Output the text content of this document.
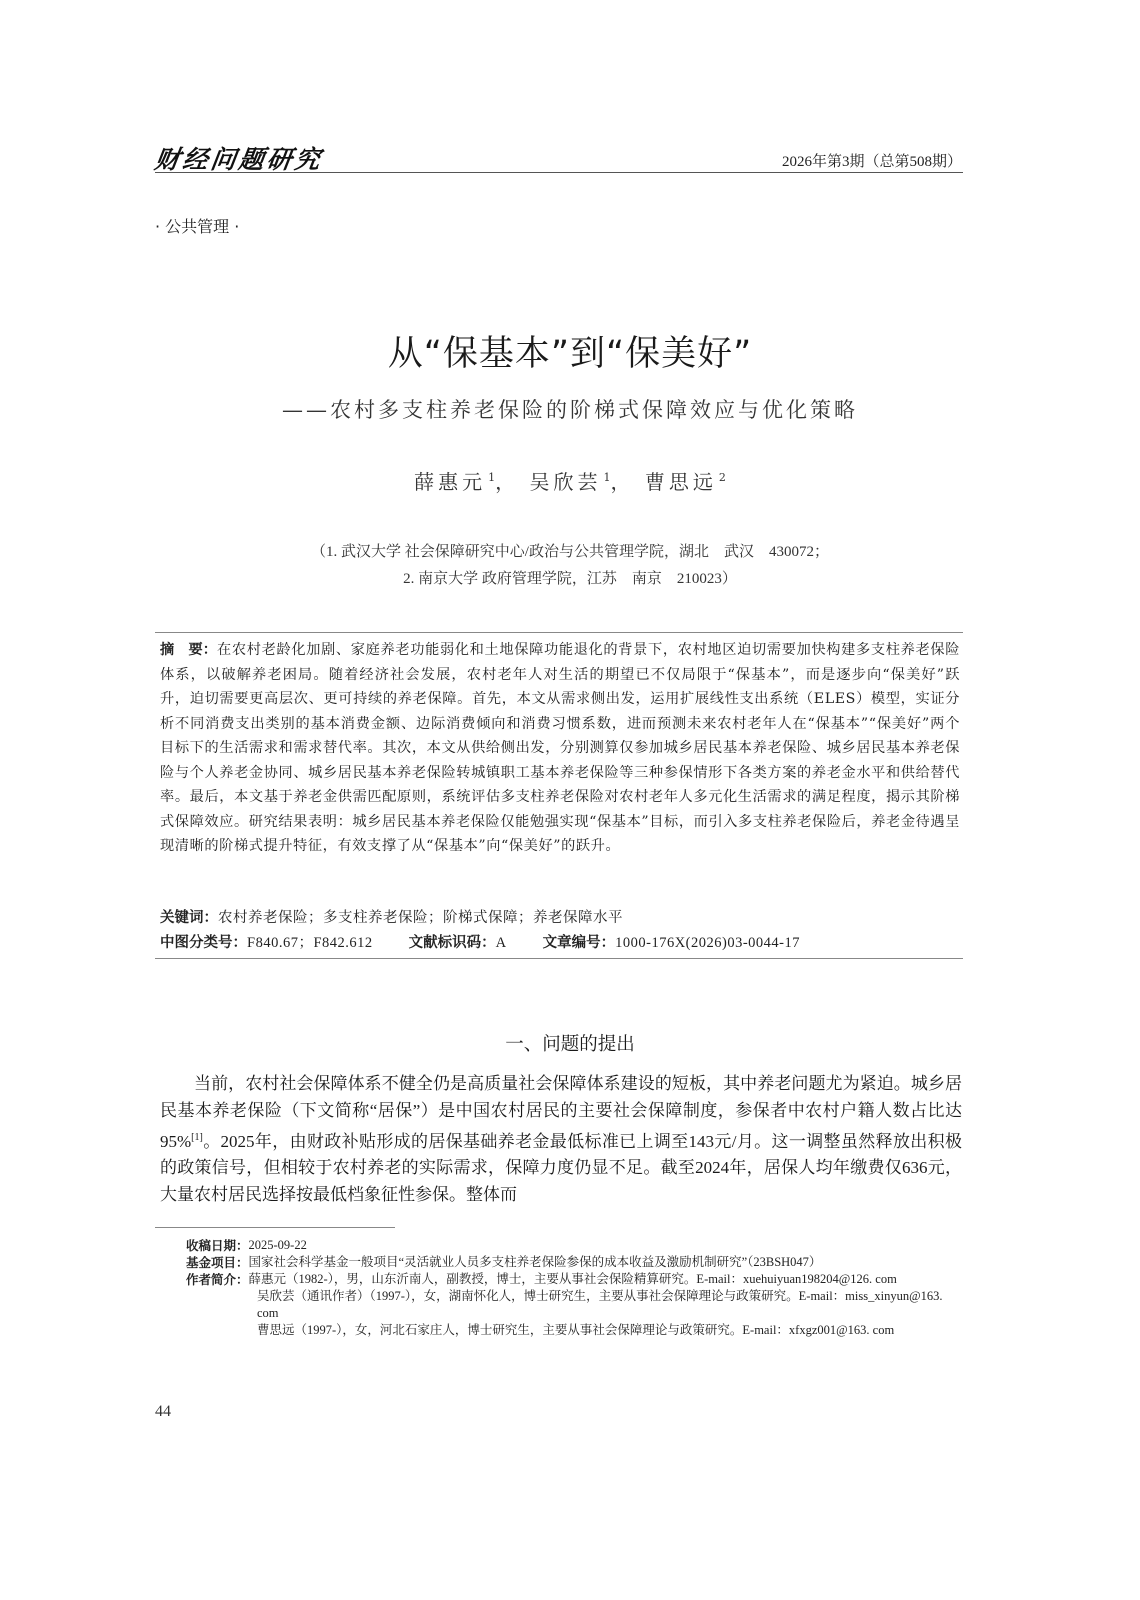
财经问题研究	2026年第3期（总第508期）
· 公共管理 ·
从“保基本”到“保美好”
——农村多支柱养老保险的阶梯式保障效应与优化策略
薛惠元 $^1$， 吴欣芸 $^1$， 曹思远 $^2$
（1. 武汉大学 社会保障研究中心/政治与公共管理学院，湖北　武汉　430072；
2. 南京大学 政府管理学院，江苏　南京　210023）
摘　要：在农村老龄化加剧、家庭养老功能弱化和土地保障功能退化的背景下，农村地区迫切需要加快构建多支柱养老保险体系，以破解养老困局。随着经济社会发展，农村老年人对生活的期望已不仅局限于“保基本”，而是逐步向“保美好”跃升，迫切需要更高层次、更可持续的养老保障。首先，本文从需求侧出发，运用扩展线性支出系统（ELES）模型，实证分析不同消费支出类别的基本消费金额、边际消费倾向和消费习惯系数，进而预测未来农村老年人在“保基本”“保美好”两个目标下的生活需求和需求替代率。其次，本文从供给侧出发，分别测算仅参加城乡居民基本养老保险、城乡居民基本养老保险与个人养老金协同、城乡居民基本养老保险转城镇职工基本养老保险等三种参保情形下各类方案的养老金水平和供给替代率。最后，本文基于养老金供需匹配原则，系统评估多支柱养老保险对农村老年人多元化生活需求的满足程度，揭示其阶梯式保障效应。研究结果表明：城乡居民基本养老保险仅能勉强实现“保基本”目标，而引入多支柱养老保险后，养老金待遇呈现清晰的阶梯式提升特征，有效支撑了从“保基本”向“保美好”的跃升。
关键词：农村养老保险；多支柱养老保险；阶梯式保障；养老保障水平
中图分类号：F840.67；F842.612 文献标识码：A 文章编号：1000-176X(2026)03-0044-17
一、问题的提出
当前，农村社会保障体系不健全仍是高质量社会保障体系建设的短板，其中养老问题尤为紧迫。城乡居民基本养老保险（下文简称“居保”）是中国农村居民的主要社会保障制度，参保者中农村户籍人数占比达95%[1]。2025年，由财政补贴形成的居保基础养老金最低标准已上调至143元/月。这一调整虽然释放出积极的政策信号，但相较于农村养老的实际需求，保障力度仍显不足。截至2024年，居保人均年缴费仅636元，大量农村居民选择按最低档象征性参保。整体而
收稿日期： 2025-09-22
基金项目： 国家社会科学基金一般项目“灵活就业人员多支柱养老保险参保的成本收益及激励机制研究”（23BSH047）
作者简介： 薛惠元（1982-），男，山东沂南人，副教授，博士，主要从事社会保险精算研究。E-mail：xuehuiyuan198204@126. com
吴欣芸（通讯作者）（1997-），女，湖南怀化人，博士研究生，主要从事社会保障理论与政策研究。E-mail：miss_xinyun@163. com
曹思远（1997-），女，河北石家庄人，博士研究生，主要从事社会保障理论与政策研究。E-mail：xfxgz001@163. com
44
